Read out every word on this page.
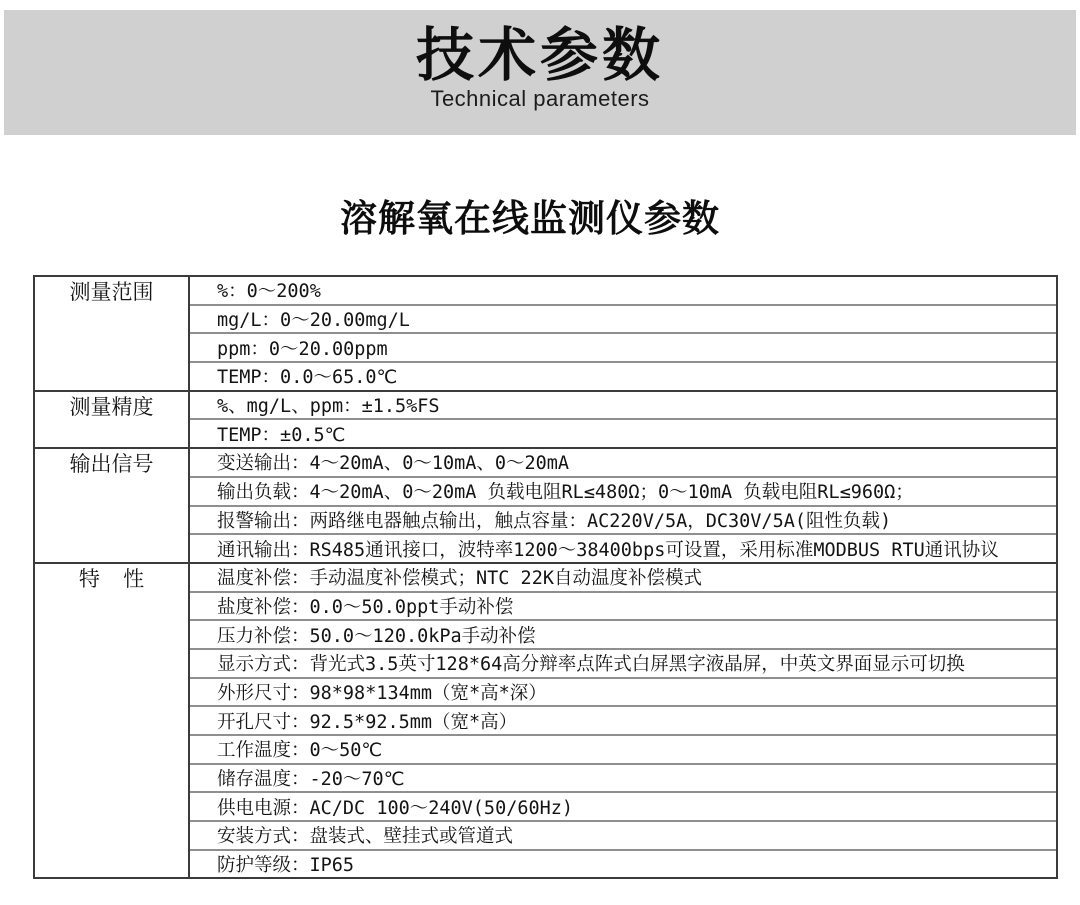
技术参数
Technical parameters
溶解氧在线监测仪参数
测量范围	%：0～200%
mg/L：0～20.00mg/L
ppm：0～20.00ppm
TEMP：0.0～65.0℃
测量精度	%、mg/L、ppm：±1.5%FS
TEMP：±0.5℃
输出信号	变送输出：4～20mA、0～10mA、0～20mA
输出负载：4～20mA、0～20mA 负载电阻RL≤480Ω；0～10mA 负载电阻RL≤960Ω；
报警输出：两路继电器触点输出，触点容量：AC220V/5A，DC30V/5A(阻性负载)
通讯输出：RS485通讯接口，波特率1200～38400bps可设置，采用标准MODBUS RTU通讯协议
特    性	温度补偿：手动温度补偿模式；NTC 22K自动温度补偿模式
盐度补偿：0.0～50.0ppt手动补偿
压力补偿：50.0～120.0kPa手动补偿
显示方式：背光式3.5英寸128*64高分辩率点阵式白屏黑字液晶屏，中英文界面显示可切换
外形尺寸：98*98*134mm（宽*高*深）
开孔尺寸：92.5*92.5mm（宽*高）
工作温度：0～50℃
储存温度：-20～70℃
供电电源：AC/DC 100～240V(50/60Hz)
安装方式：盘装式、壁挂式或管道式
防护等级：IP65
